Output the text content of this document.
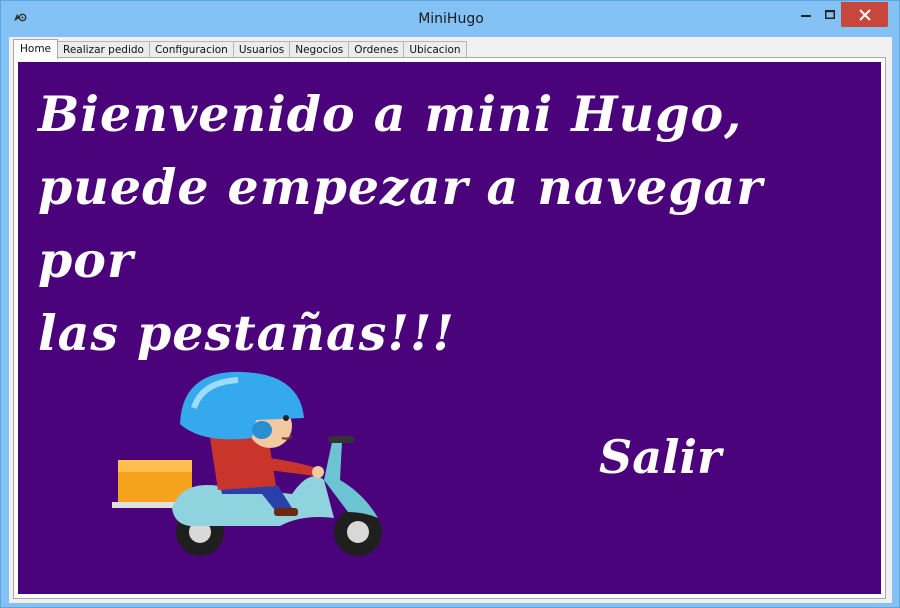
MiniHugo
Home	Realizar pedido	Configuracion	Usuarios	Negocios	Ordenes	Ubicacion
Bienvenido a mini Hugo,
puede empezar a navegar por
las pestañas!!!
Salir
